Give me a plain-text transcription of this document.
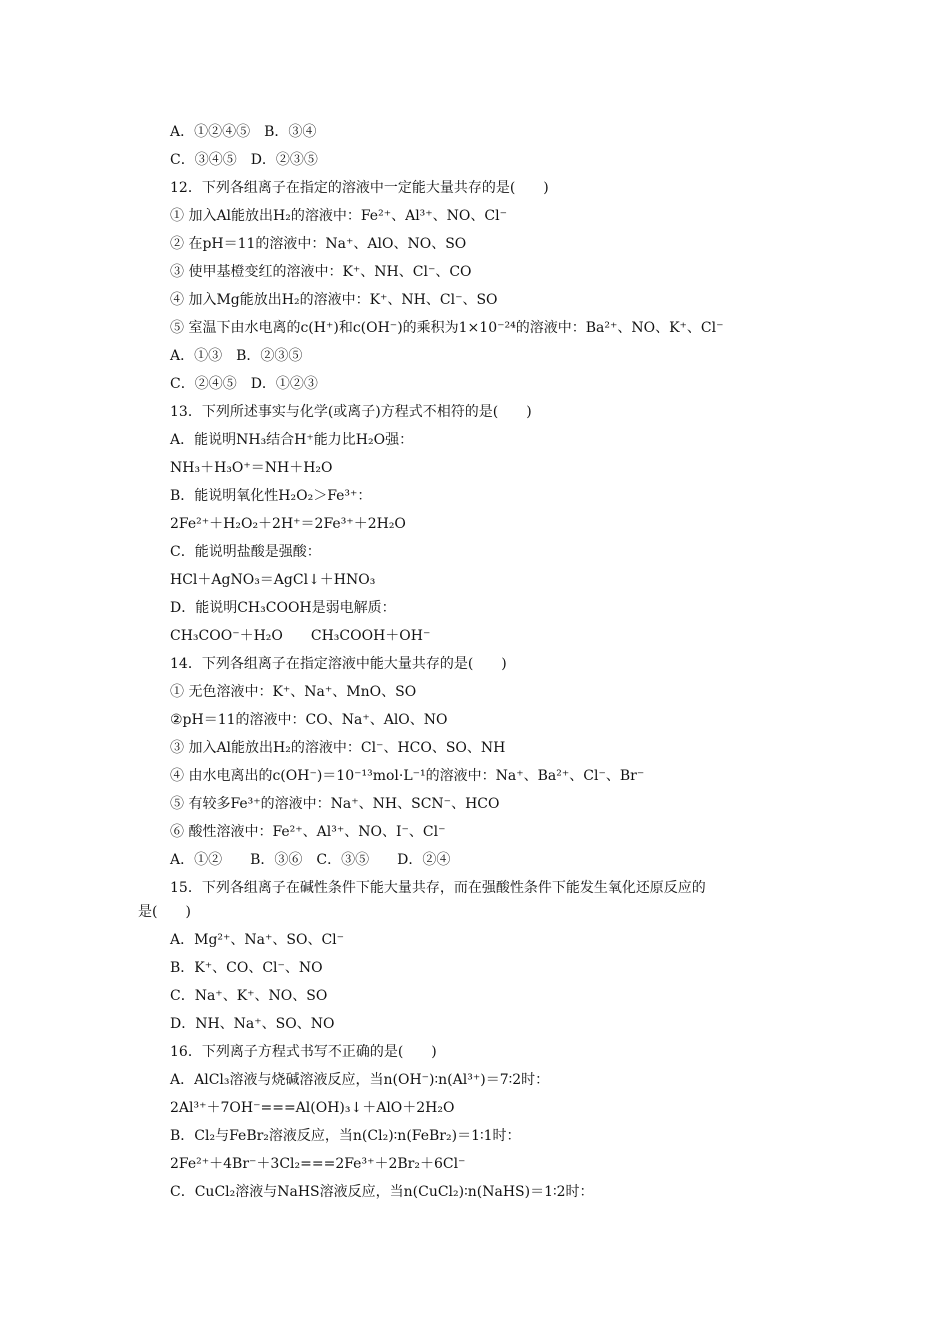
A．①②④⑤　B．③④
C．③④⑤　D．②③⑤
12．下列各组离子在指定的溶液中一定能大量共存的是(　　)
① 加入Al能放出H₂的溶液中：Fe²⁺、Al³⁺、NO、Cl⁻
② 在pH＝11的溶液中：Na⁺、AlO、NO、SO
③ 使甲基橙变红的溶液中：K⁺、NH、Cl⁻、CO
④ 加入Mg能放出H₂的溶液中：K⁺、NH、Cl⁻、SO
⑤ 室温下由水电离的c(H⁺)和c(OH⁻)的乘积为1×10⁻²⁴的溶液中：Ba²⁺、NO、K⁺、Cl⁻
A．①③　B．②③⑤
C．②④⑤　D．①②③
13．下列所述事实与化学(或离子)方程式不相符的是(　　)
A．能说明NH₃结合H⁺能力比H₂O强：
NH₃＋H₃O⁺＝NH＋H₂O
B．能说明氧化性H₂O₂＞Fe³⁺：
2Fe²⁺＋H₂O₂＋2H⁺＝2Fe³⁺＋2H₂O
C．能说明盐酸是强酸：
HCl＋AgNO₃＝AgCl↓＋HNO₃
D．能说明CH₃COOH是弱电解质：
CH₃COO⁻＋H₂O　　CH₃COOH＋OH⁻
14．下列各组离子在指定溶液中能大量共存的是(　　)
① 无色溶液中：K⁺、Na⁺、MnO、SO
②pH＝11的溶液中：CO、Na⁺、AlO、NO
③ 加入Al能放出H₂的溶液中：Cl⁻、HCO、SO、NH
④ 由水电离出的c(OH⁻)＝10⁻¹³mol·L⁻¹的溶液中：Na⁺、Ba²⁺、Cl⁻、Br⁻
⑤ 有较多Fe³⁺的溶液中：Na⁺、NH、SCN⁻、HCO
⑥ 酸性溶液中：Fe²⁺、Al³⁺、NO、I⁻、Cl⁻
A．①②　　B．③⑥　C．③⑤　　D．②④
15．下列各组离子在碱性条件下能大量共存，而在强酸性条件下能发生氧化还原反应的
是(　　)
A．Mg²⁺、Na⁺、SO、Cl⁻
B．K⁺、CO、Cl⁻、NO
C．Na⁺、K⁺、NO、SO
D．NH、Na⁺、SO、NO
16．下列离子方程式书写不正确的是(　　)
A．AlCl₃溶液与烧碱溶液反应，当n(OH⁻)∶n(Al³⁺)＝7∶2时：
2Al³⁺＋7OH⁻===Al(OH)₃↓＋AlO＋2H₂O
B．Cl₂与FeBr₂溶液反应，当n(Cl₂)∶n(FeBr₂)＝1∶1时：
2Fe²⁺＋4Br⁻＋3Cl₂===2Fe³⁺＋2Br₂＋6Cl⁻
C．CuCl₂溶液与NaHS溶液反应，当n(CuCl₂)∶n(NaHS)＝1∶2时：
